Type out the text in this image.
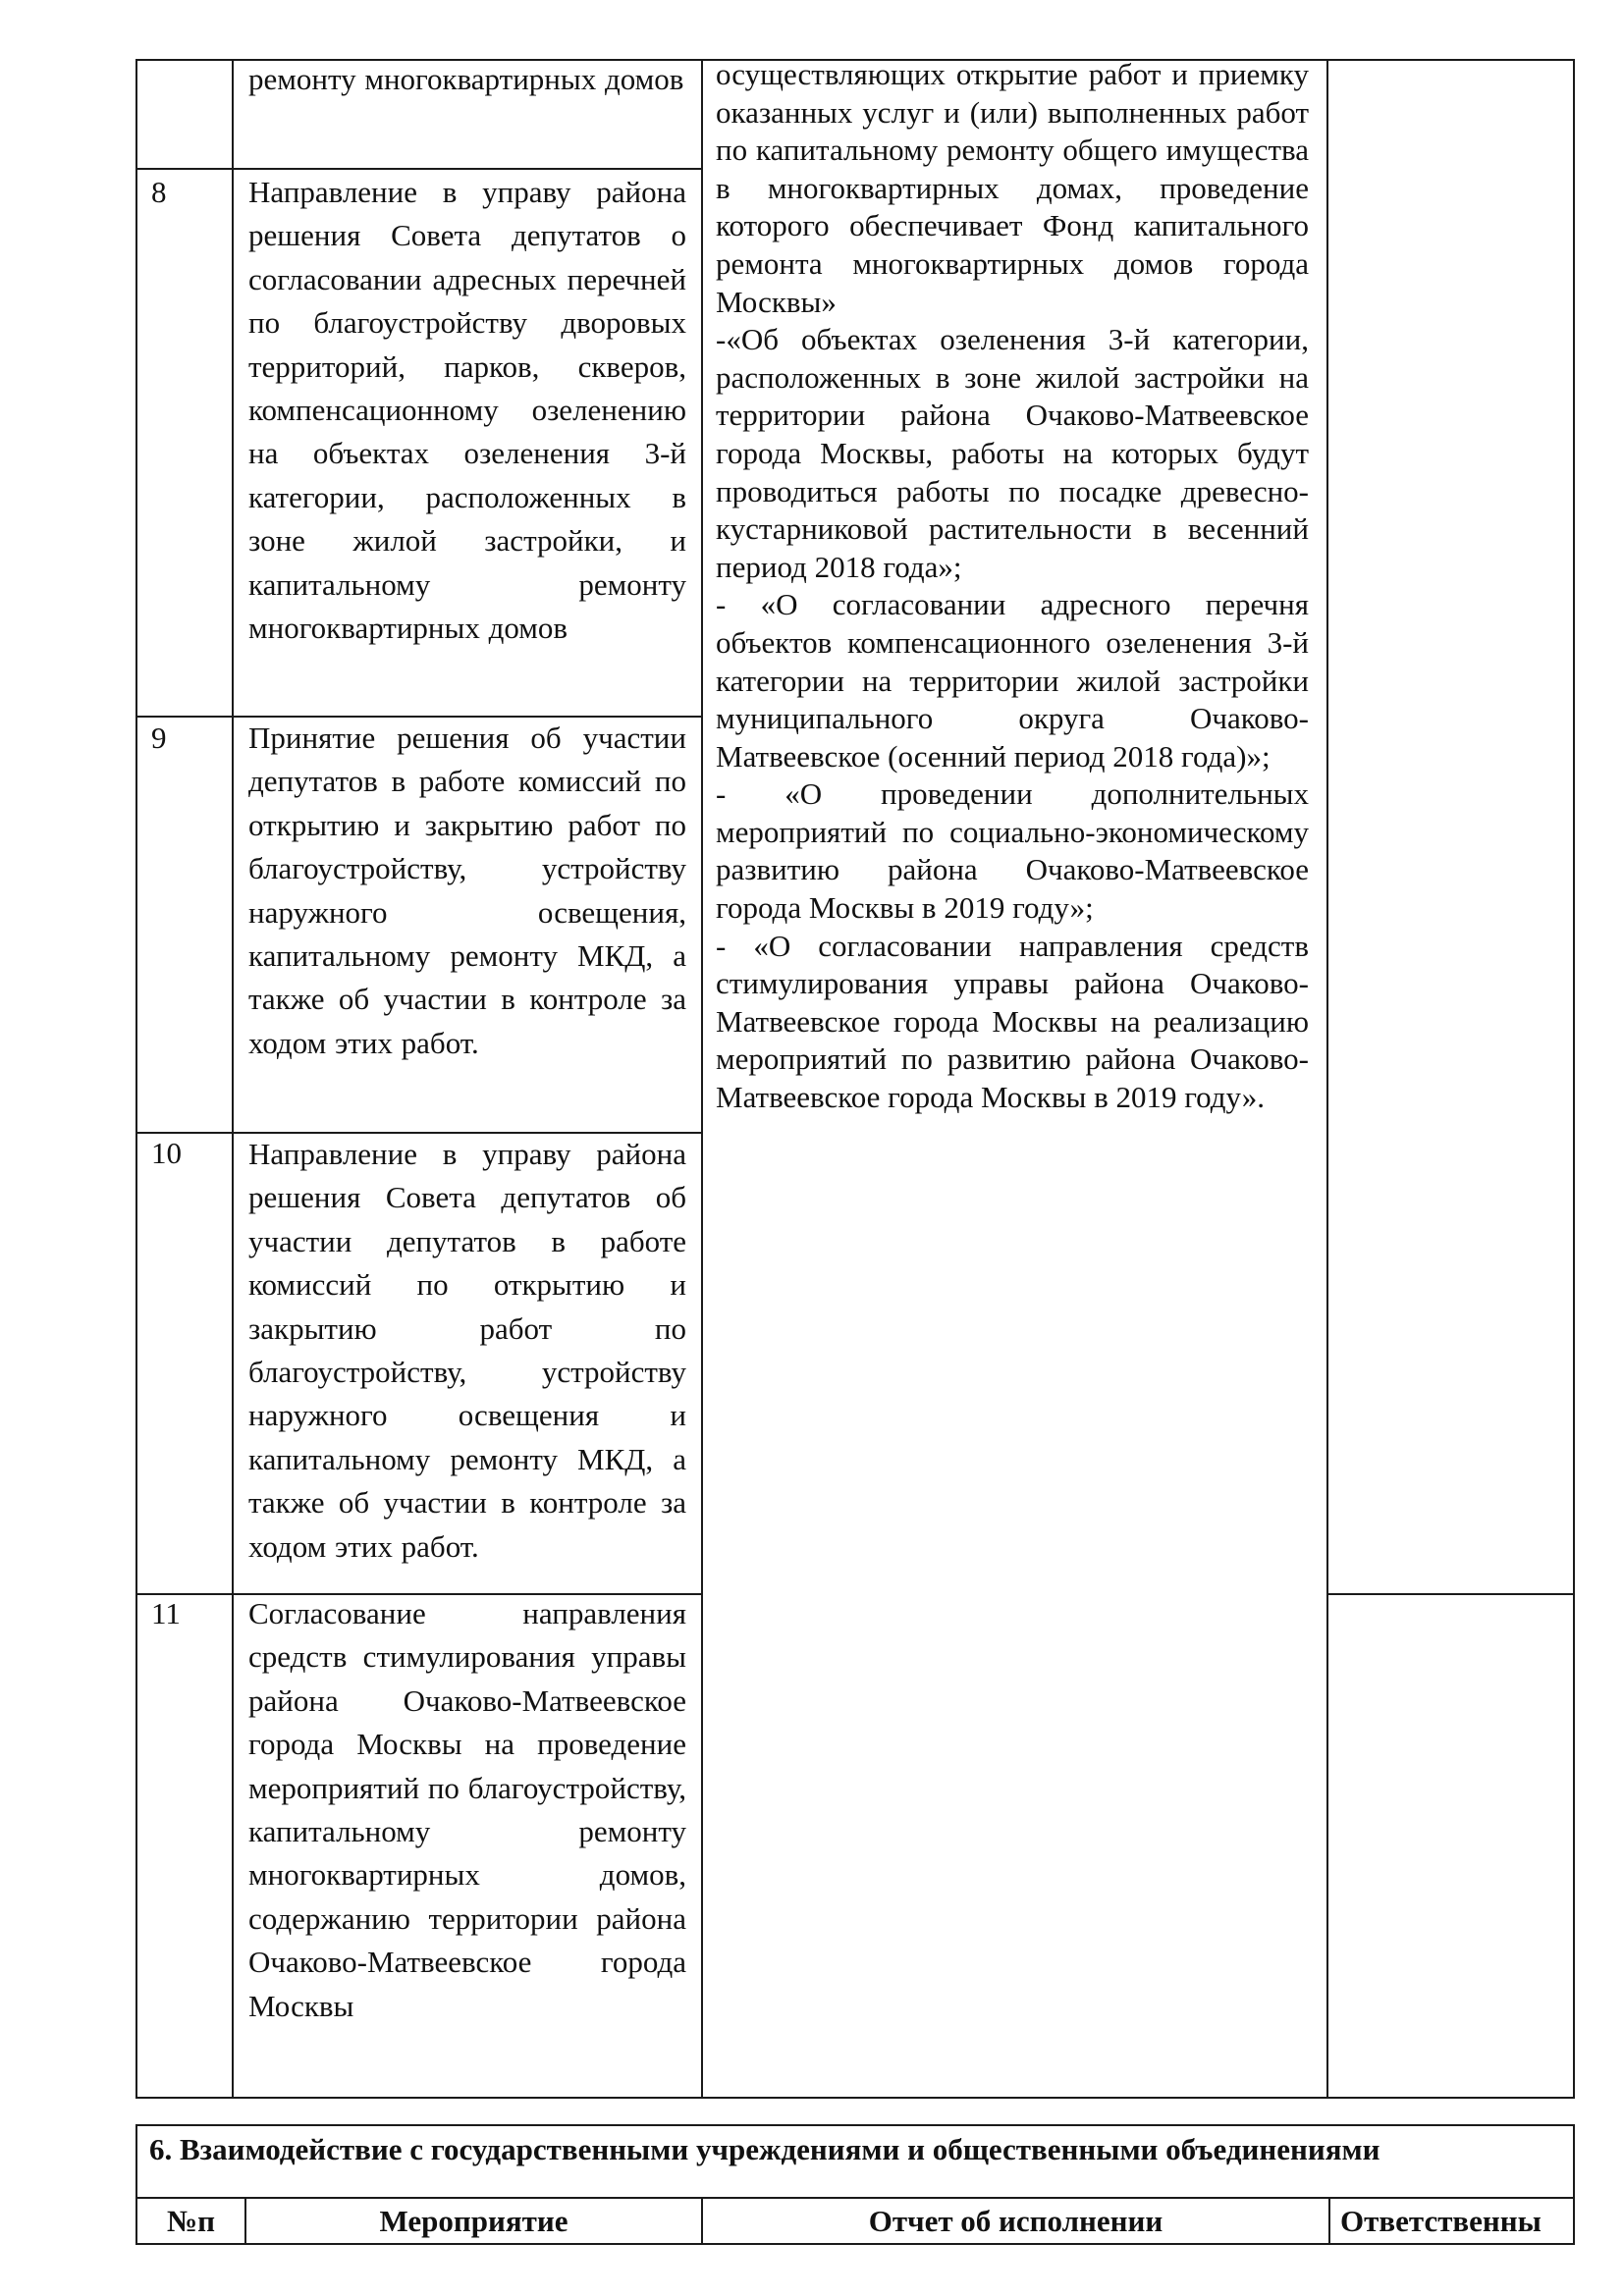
ремонту многоквартирных домов
8	Направление в управу района решения Совета депутатов о согласовании адресных перечней по благоустройству дворовых территорий, парков, скверов, компенсационному озеленению на объектах озеленения 3-й категории, расположенных в зоне жилой застройки, и капитальному ремонту многоквартирных домов
9	Принятие решения об участии депутатов в работе комиссий по открытию и закрытию работ по благоустройству, устройству наружного освещения, капитальному ремонту МКД, а также об участии в контроле за ходом этих работ.
10 Направление в управу района решения Совета депутатов об участии депутатов в работе комиссий по открытию и закрытию работ по благоустройству, устройству наружного освещения и капитальному ремонту МКД, а также об участии в контроле за ходом этих работ.
11 Согласование направления средств стимулирования управы района Очаково-Матвеевское города Москвы на проведение мероприятий по благоустройству, капитальному ремонту многоквартирных домов, содержанию территории района Очаково-Матвеевское города Москвы

осуществляющих открытие работ и приемку оказанных услуг и (или) выполненных работ по капитальному ремонту общего имущества в многоквартирных домах, проведение которого обеспечивает Фонд капитального ремонта многоквартирных домов города Москвы»

-«Об объектах озеленения 3-й категории, расположенных в зоне жилой застройки на территории района Очаково-Матвеевское города Москвы, работы на которых будут проводиться работы по посадке древесно-кустарниковой растительности в весенний период 2018 года»;

- «О согласовании адресного перечня объектов компенсационного озеленения 3-й категории на территории жилой застройки муниципального округа Очаково-Матвеевское (осенний период 2018 года)»;

- «О проведении дополнительных мероприятий по социально-экономическому развитию района Очаково-Матвеевское города Москвы в 2019 году»;

- «О согласовании направления средств стимулирования управы района Очаково-Матвеевское города Москвы на реализацию мероприятий по развитию района Очаково-Матвеевское города Москвы в 2019 году».

6. Взаимодействие с государственными учреждениями и общественными объединениями
№п	Мероприятие	Отчет об исполнении	Ответственны
